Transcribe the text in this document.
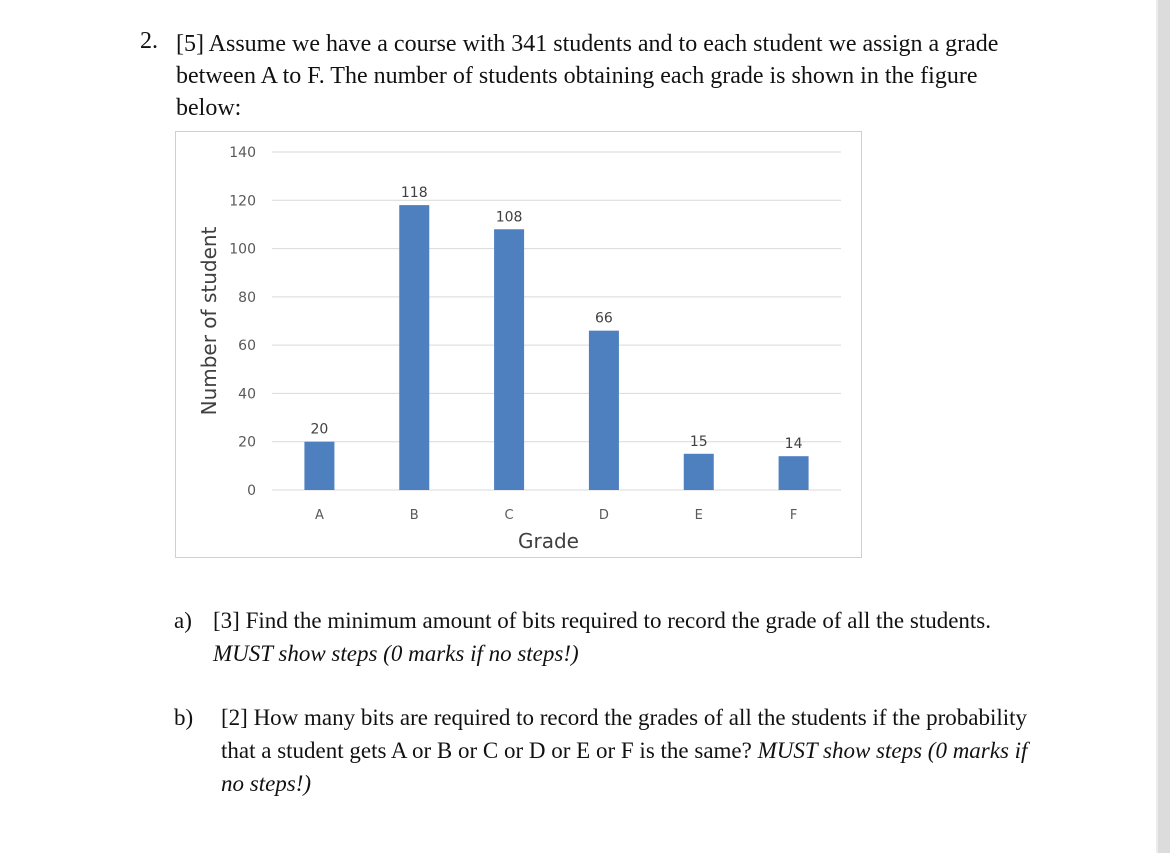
2. [5] Assume we have a course with 341 students and to each student we assign a grade between A to F. The number of students obtaining each grade is shown in the figure below:
0
20
40
60
80
100
120
140
20
A
118
B
108
C
66
D
15
E
14
F
Grade
Number of student
a) [3] Find the minimum amount of bits required to record the grade of all the students. MUST show steps (0 marks if no steps!)
b) [2] How many bits are required to record the grades of all the students if the probability that a student gets A or B or C or D or E or F is the same? MUST show steps (0 marks if no steps!)
